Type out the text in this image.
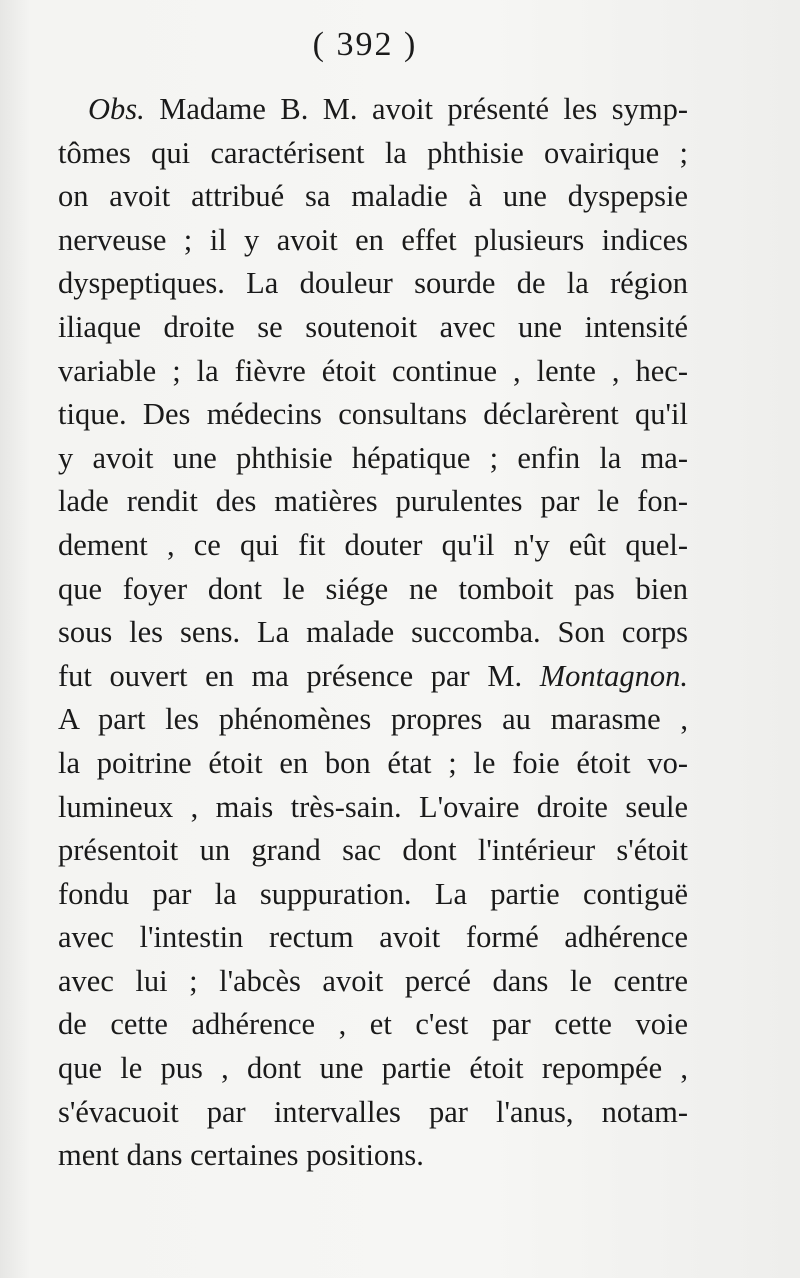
( 392 )
Obs. Madame B. M. avoit présenté les symp-
tômes qui caractérisent la phthisie ovairique ;
on avoit attribué sa maladie à une dyspepsie
nerveuse ; il y avoit en effet plusieurs indices
dyspeptiques. La douleur sourde de la région
iliaque droite se soutenoit avec une intensité
variable ; la fièvre étoit continue , lente , hec-
tique. Des médecins consultans déclarèrent qu'il
y avoit une phthisie hépatique ; enfin la ma-
lade rendit des matières purulentes par le fon-
dement , ce qui fit douter qu'il n'y eût quel-
que foyer dont le siége ne tomboit pas bien
sous les sens. La malade succomba. Son corps
fut ouvert en ma présence par M. Montagnon.
A part les phénomènes propres au marasme ,
la poitrine étoit en bon état ; le foie étoit vo-
lumineux , mais très-sain. L'ovaire droite seule
présentoit un grand sac dont l'intérieur s'étoit
fondu par la suppuration. La partie contiguë
avec l'intestin rectum avoit formé adhérence
avec lui ; l'abcès avoit percé dans le centre
de cette adhérence , et c'est par cette voie
que le pus , dont une partie étoit repompée ,
s'évacuoit par intervalles par l'anus, notam-
ment dans certaines positions.
